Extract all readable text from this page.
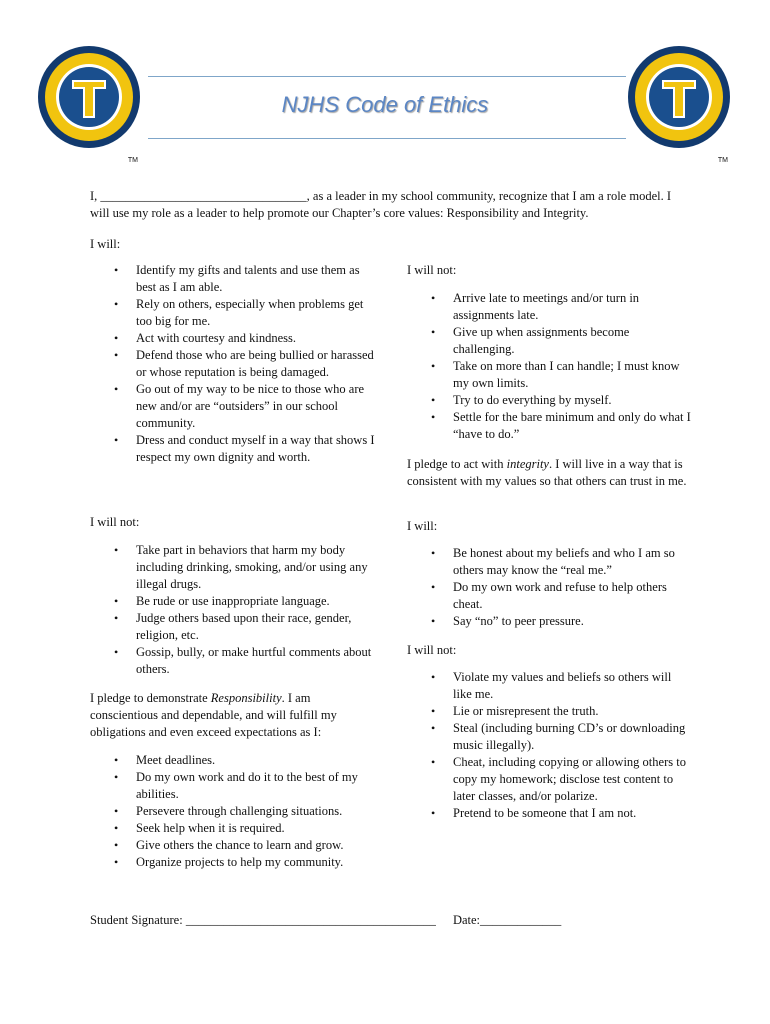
TM	TM
NJHS Code of Ethics

I, _________________________________, as a leader in my school community, recognize that I am a role model. I will use my role as a leader to help promote our Chapter’s core values: Responsibility and Integrity.

I will:
• Identify my gifts and talents and use them as best as I am able.
• Rely on others, especially when problems get too big for me.
• Act with courtesy and kindness.
• Defend those who are being bullied or harassed or whose reputation is being damaged.
• Go out of my way to be nice to those who are new and/or are “outsiders” in our school community.
• Dress and conduct myself in a way that shows I respect my own dignity and worth.
I will not:
• Take part in behaviors that harm my body including drinking, smoking, and/or using any illegal drugs.
• Be rude or use inappropriate language.
• Judge others based upon their race, gender, religion, etc.
• Gossip, bully, or make hurtful comments about others.

I pledge to demonstrate Responsibility. I am conscientious and dependable, and will fulfill my obligations and even exceed expectations as I:

• Meet deadlines.
• Do my own work and do it to the best of my abilities.
• Persevere through challenging situations.
• Seek help when it is required.
• Give others the chance to learn and grow.
• Organize projects to help my community.
I will not:
• Arrive late to meetings and/or turn in assignments late.
• Give up when assignments become challenging.
• Take on more than I can handle; I must know my own limits.
• Try to do everything by myself.
• Settle for the bare minimum and only do what I “have to do.”

I pledge to act with integrity. I will live in a way that is consistent with my values so that others can trust in me.

I will:
• Be honest about my beliefs and who I am so others may know the “real me.”
• Do my own work and refuse to help others cheat.
• Say “no” to peer pressure.
I will not:
• Violate my values and beliefs so others will like me.
• Lie or misrepresent the truth.
• Steal (including burning CD’s or downloading music illegally).
• Cheat, including copying or allowing others to copy my homework; disclose test content to later classes, and/or polarize.
• Pretend to be someone that I am not.
Student Signature: ________________________________________ Date:_____________
